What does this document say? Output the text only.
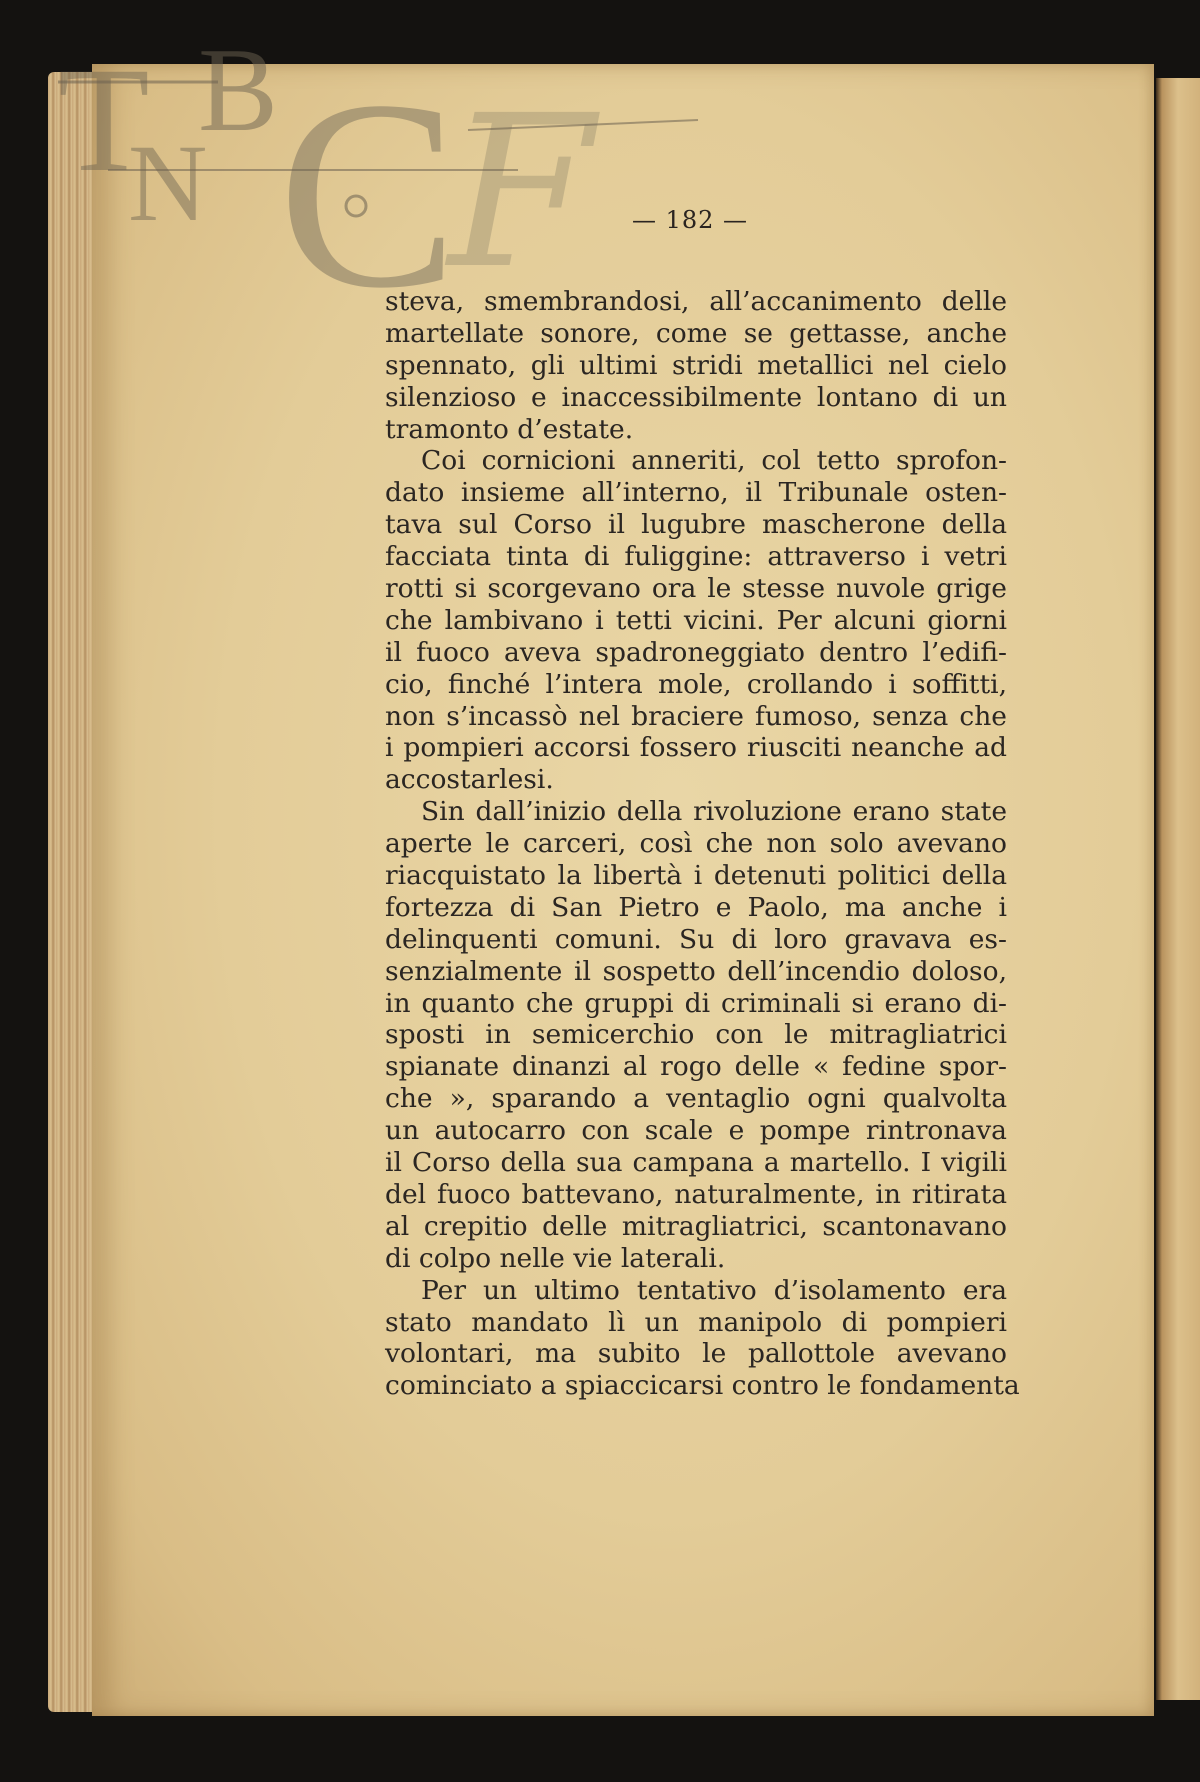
T
N
B C
F	— 182 —
steva, smembrandosi, all’accanimento delle
martellate sonore, come se gettasse, anche
spennato, gli ultimi stridi metallici nel cielo
silenzioso e inaccessibilmente lontano di un
tramonto d’estate.
Coi cornicioni anneriti, col tetto sprofon-
dato insieme all’interno, il Tribunale osten-
tava sul Corso il lugubre mascherone della
facciata tinta di fuliggine: attraverso i vetri
rotti si scorgevano ora le stesse nuvole grige
che lambivano i tetti vicini. Per alcuni giorni
il fuoco aveva spadroneggiato dentro l’edifi-
cio, finché l’intera mole, crollando i soffitti,
non s’incassò nel braciere fumoso, senza che
i pompieri accorsi fossero riusciti neanche ad
accostarlesi.
Sin dall’inizio della rivoluzione erano state
aperte le carceri, così che non solo avevano
riacquistato la libertà i detenuti politici della
fortezza di San Pietro e Paolo, ma anche i
delinquenti comuni. Su di loro gravava es-
senzialmente il sospetto dell’incendio doloso,
in quanto che gruppi di criminali si erano di-
sposti in semicerchio con le mitragliatrici
spianate dinanzi al rogo delle « fedine spor-
che », sparando a ventaglio ogni qualvolta
un autocarro con scale e pompe rintronava
il Corso della sua campana a martello. I vigili
del fuoco battevano, naturalmente, in ritirata
al crepitio delle mitragliatrici, scantonavano
di colpo nelle vie laterali.
Per un ultimo tentativo d’isolamento era
stato mandato lì un manipolo di pompieri
volontari, ma subito le pallottole avevano
cominciato a spiaccicarsi contro le fondamenta
